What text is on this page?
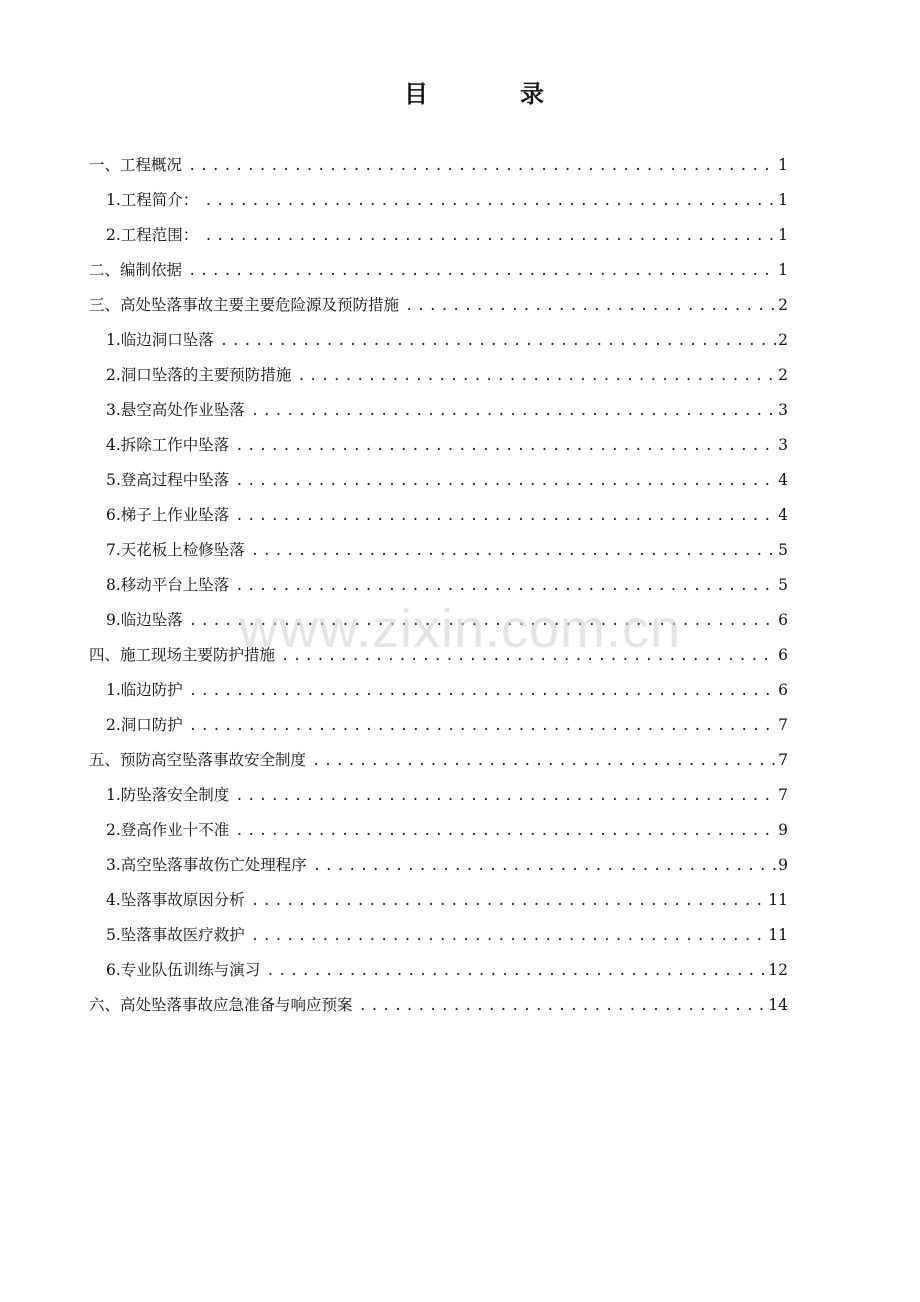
目　录
一、工程概况 .....	1
1.工程简介： .....	1
2.工程范围： .....	1
二、编制依据 .....	1
三、高处坠落事故主要主要危险源及预防措施 .....	2
1.临边洞口坠落 .....	2
2.洞口坠落的主要预防措施 .....	2
3.悬空高处作业坠落 .....	3
4.拆除工作中坠落 .....	3
5.登高过程中坠落 .....	4
6.梯子上作业坠落 .....	4
7.天花板上检修坠落 .....	5
8.移动平台上坠落 .....	5
9.临边坠落 .....	6
四、施工现场主要防护措施 .....	6
1.临边防护 .....	6
2.洞口防护 .....	7
五、预防高空坠落事故安全制度 .....	7
1.防坠落安全制度 .....	7
2.登高作业十不准 .....	9
3.高空坠落事故伤亡处理程序 .....	9
4.坠落事故原因分析 .....	11
5.坠落事故医疗救护 .....	11
6.专业队伍训练与演习 .....	12
六、高处坠落事故应急准备与响应预案 .....	14
www.zixin.com.cn
